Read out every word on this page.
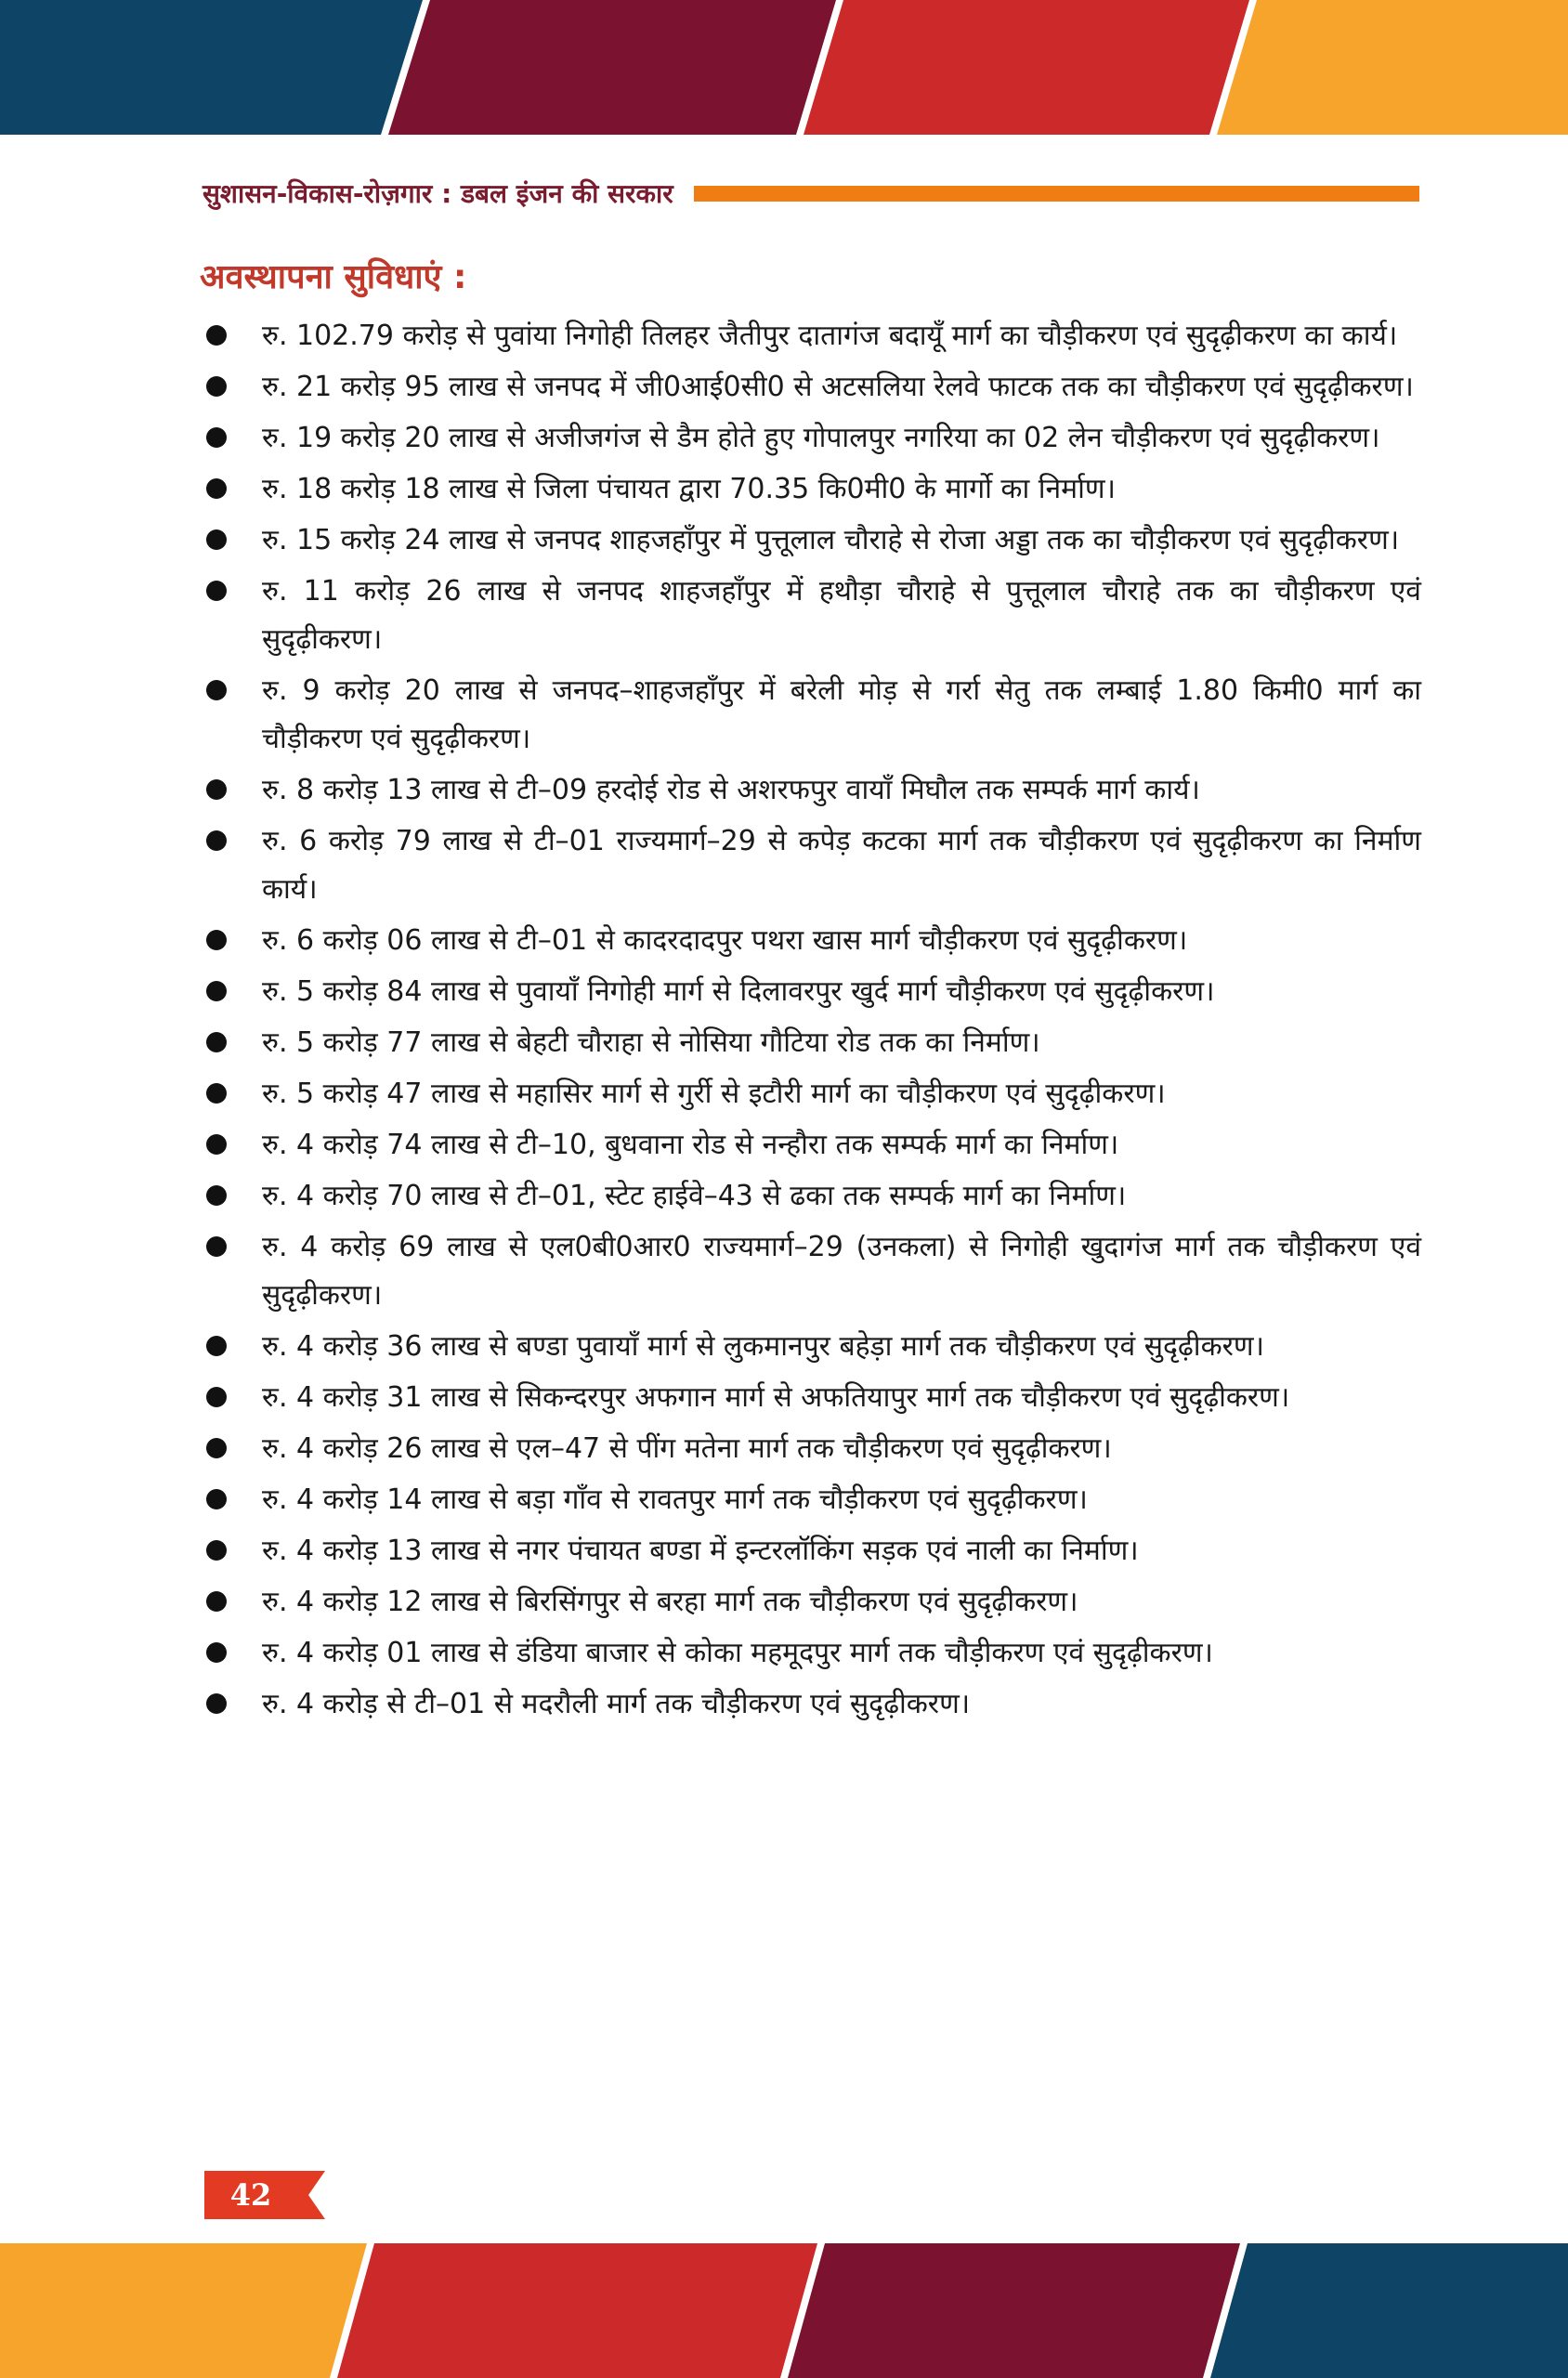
सुशासन-विकास-रोज़गार : डबल इंजन की सरकार
अवस्थापना सुविधाएं :
रु. 102.79 करोड़ से पुवांया निगोही तिलहर जैतीपुर दातागंज बदायूँ मार्ग का चौड़ीकरण एवं सुदृढ़ीकरण का कार्य।
रु. 21 करोड़ 95 लाख से जनपद में जी0आई0सी0 से अटसलिया रेलवे फाटक तक का चौड़ीकरण एवं सुदृढ़ीकरण।
रु. 19 करोड़ 20 लाख से अजीजगंज से डैम होते हुए गोपालपुर नगरिया का 02 लेन चौड़ीकरण एवं सुदृढ़ीकरण।
रु. 18 करोड़ 18 लाख से जिला पंचायत द्वारा 70.35 कि0मी0 के मार्गो का निर्माण।
रु. 15 करोड़ 24 लाख से जनपद शाहजहाँपुर में पुत्तूलाल चौराहे से रोजा अड्डा तक का चौड़ीकरण एवं सुदृढ़ीकरण।
रु. 11 करोड़ 26 लाख से जनपद शाहजहाँपुर में हथौड़ा चौराहे से पुत्तूलाल चौराहे तक का चौड़ीकरण एवं सुदृढ़ीकरण।
रु. 9 करोड़ 20 लाख से जनपद–शाहजहाँपुर में बरेली मोड़ से गर्रा सेतु तक लम्बाई 1.80 किमी0 मार्ग का चौड़ीकरण एवं सुदृढ़ीकरण।
रु. 8 करोड़ 13 लाख से टी–09 हरदोई रोड से अशरफपुर वायॉं मिघौल तक सम्पर्क मार्ग कार्य।
रु. 6 करोड़ 79 लाख से टी–01 राज्यमार्ग–29 से कपेड़ कटका मार्ग तक चौड़ीकरण एवं सुदृढ़ीकरण का निर्माण कार्य।
रु. 6 करोड़ 06 लाख से टी–01 से कादरदादपुर पथरा खास मार्ग चौड़ीकरण एवं सुदृढ़ीकरण।
रु. 5 करोड़ 84 लाख से पुवायाँ निगोही मार्ग से दिलावरपुर खुर्द मार्ग चौड़ीकरण एवं सुदृढ़ीकरण।
रु. 5 करोड़ 77 लाख से बेहटी चौराहा से नोसिया गौटिया रोड तक का निर्माण।
रु. 5 करोड़ 47 लाख से महासिर मार्ग से गुर्री से इटौरी मार्ग का चौड़ीकरण एवं सुदृढ़ीकरण।
रु. 4 करोड़ 74 लाख से टी–10, बुधवाना रोड से नन्हौरा तक सम्पर्क मार्ग का निर्माण।
रु. 4 करोड़ 70 लाख से टी–01, स्टेट हाईवे–43 से ढका तक सम्पर्क मार्ग का निर्माण।
रु. 4 करोड़ 69 लाख से एल0बी0आर0 राज्यमार्ग–29 (उनकला) से निगोही खुदागंज मार्ग तक चौड़ीकरण एवं सुदृढ़ीकरण।
रु. 4 करोड़ 36 लाख से बण्डा पुवायाँ मार्ग से लुकमानपुर बहेड़ा मार्ग तक चौड़ीकरण एवं सुदृढ़ीकरण।
रु. 4 करोड़ 31 लाख से सिकन्दरपुर अफगान मार्ग से अफतियापुर मार्ग तक चौड़ीकरण एवं सुदृढ़ीकरण।
रु. 4 करोड़ 26 लाख से एल–47 से पींग मतेना मार्ग तक चौड़ीकरण एवं सुदृढ़ीकरण।
रु. 4 करोड़ 14 लाख से बड़ा गाँव से रावतपुर मार्ग तक चौड़ीकरण एवं सुदृढ़ीकरण।
रु. 4 करोड़ 13 लाख से नगर पंचायत बण्डा में इन्टरलॉकिंग सड़क एवं नाली का निर्माण।
रु. 4 करोड़ 12 लाख से बिरसिंगपुर से बरहा मार्ग तक चौड़ीकरण एवं सुदृढ़ीकरण।
रु. 4 करोड़ 01 लाख से डंडिया बाजार से कोका महमूदपुर मार्ग तक चौड़ीकरण एवं सुदृढ़ीकरण।
रु. 4 करोड़ से टी–01 से मदरौली मार्ग तक चौड़ीकरण एवं सुदृढ़ीकरण।
42
